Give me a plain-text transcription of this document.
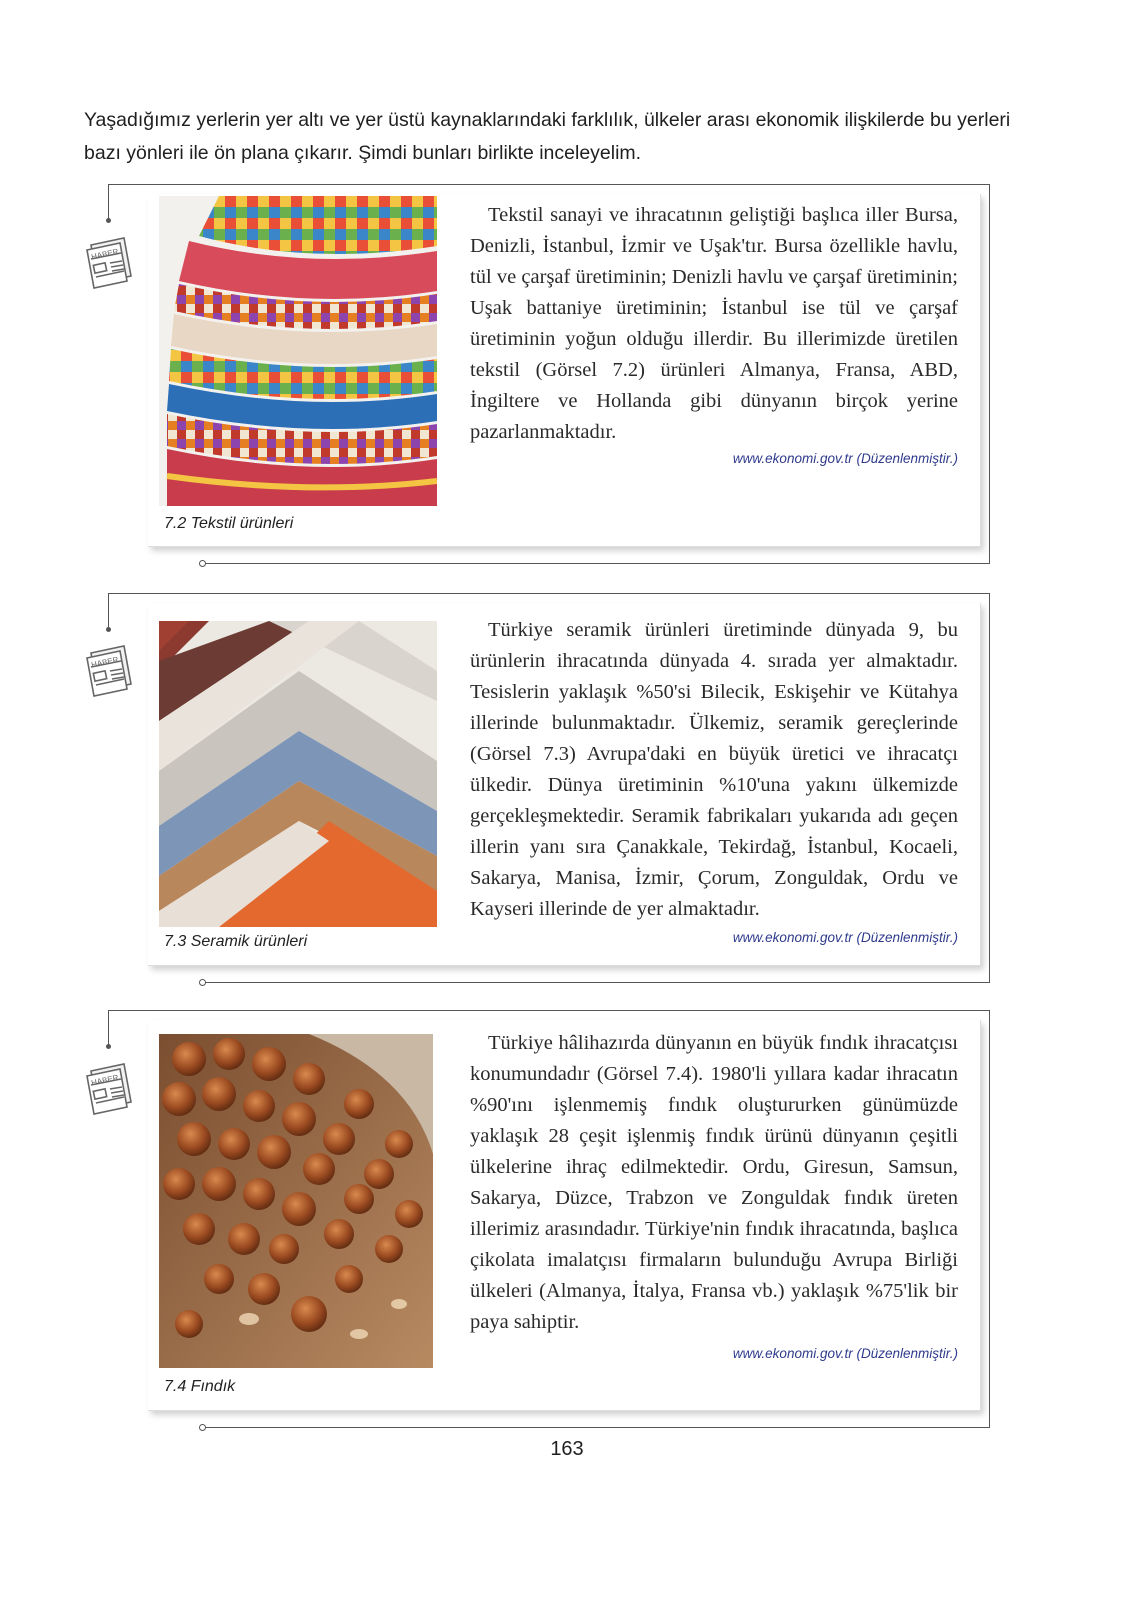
Yaşadığımız yerlerin yer altı ve yer üstü kaynaklarındaki farklılık, ülkeler arası ekonomik ilişkilerde bu yerleri bazı yönleri ile ön plana çıkarır. Şimdi bunları birlikte inceleyelim.

7.2 Tekstil ürünleri

Tekstil sanayi ve ihracatının geliştiği başlıca iller Bursa, Denizli, İstanbul, İzmir ve Uşak'tır. Bursa özellikle havlu, tül ve çarşaf üretiminin; Denizli havlu ve çarşaf üretiminin; Uşak battaniye üretiminin; İstanbul ise tül ve çarşaf üretiminin yoğun olduğu illerdir. Bu illerimizde üretilen tekstil (Görsel 7.2) ürünleri Almanya, Fransa, ABD, İngiltere ve Hollanda gibi dünyanın birçok yerine pazarlanmaktadır.

www.ekonomi.gov.tr (Düzenlenmiştir.)
7.3 Seramik ürünleri

Türkiye seramik ürünleri üretiminde dünyada 9, bu ürünlerin ihracatında dünyada 4. sırada yer almaktadır. Tesislerin yaklaşık %50'si Bilecik, Eskişehir ve Kütahya illerinde bulunmaktadır. Ülkemiz, seramik gereçlerinde (Görsel 7.3) Avrupa'daki en büyük üretici ve ihracatçı ülkedir. Dünya üretiminin %10'una yakını ülkemizde gerçekleşmektedir. Seramik fabrikaları yukarıda adı geçen illerin yanı sıra Çanakkale, Tekirdağ, İstanbul, Kocaeli, Sakarya, Manisa, İzmir, Çorum, Zonguldak, Ordu ve Kayseri illerinde de yer almaktadır.

www.ekonomi.gov.tr (Düzenlenmiştir.)
7.4 Fındık

Türkiye hâlihazırda dünyanın en büyük fındık ihracatçısı konumundadır (Görsel 7.4). 1980'li yıllara kadar ihracatın %90'ını işlenmemiş fındık oluştururken günümüzde yaklaşık 28 çeşit işlenmiş fındık ürünü dünyanın çeşitli ülkelerine ihraç edilmektedir. Ordu, Giresun, Samsun, Sakarya, Düzce, Trabzon ve Zonguldak fındık üreten illerimiz arasındadır. Türkiye'nin fındık ihracatında, başlıca çikolata imalatçısı firmaların bulunduğu Avrupa Birliği ülkeleri (Almanya, İtalya, Fransa vb.) yaklaşık %75'lik bir paya sahiptir.

www.ekonomi.gov.tr (Düzenlenmiştir.)
163
